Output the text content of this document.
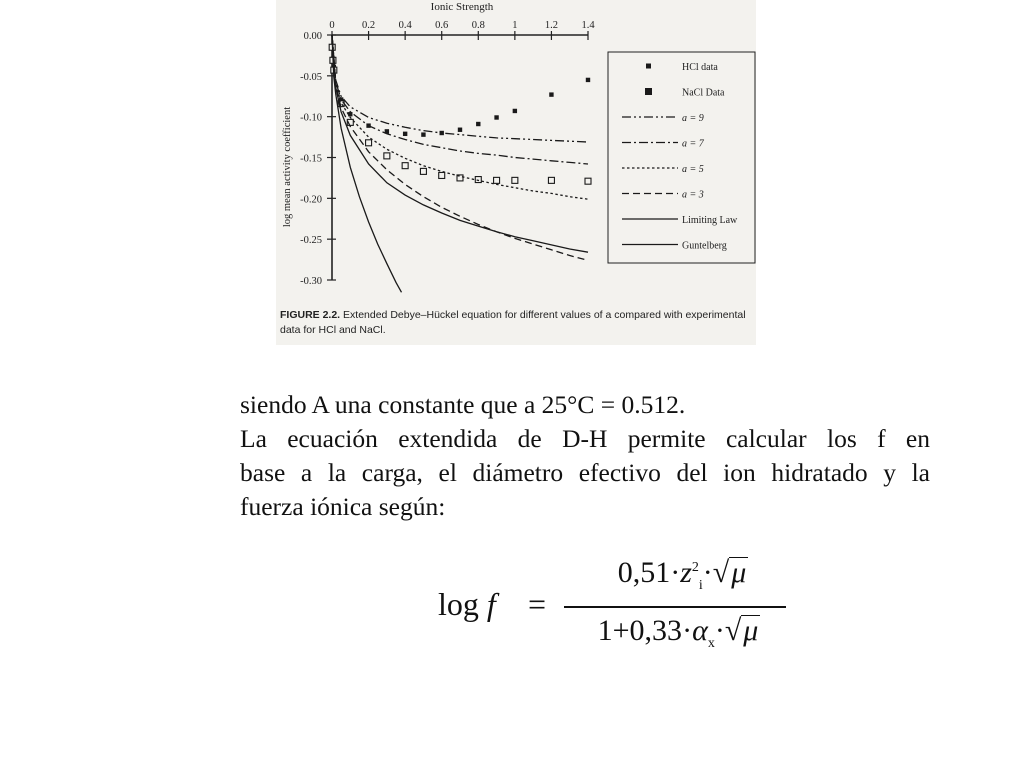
Ionic Strength
log mean activity coefficient
0	0.2 0.4 0.6 0.8	1	1.2 1.4
0.00
-0.05
-0.10
-0.15
-0.20
-0.25
-0.30
HCl data
NaCl Data
a = 9
a = 7
a = 5
a = 3
Limiting Law
Guntelberg
FIGURE 2.2. Extended Debye–Hückel equation for different values of a compared with experimental data for HCl and NaCl.
siendo A una constante que a 25°C = 0.512.
La ecuación extendida de D-H permite calcular los f en
base a la carga, el diámetro efectivo del ion hidratado y la
fuerza iónica según:
log f =
$0,51\cdot z^2_i\cdot√\mu$
$1+0,33\cdot\alpha_x\cdot√\mu$
